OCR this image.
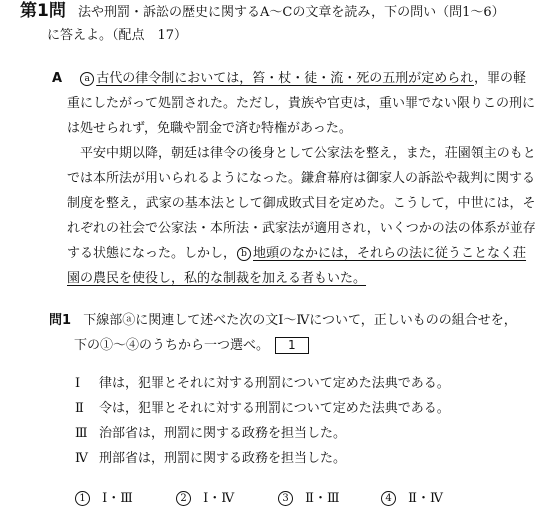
第1問 法や刑罰・訴訟の歴史に関するA～Cの文章を読み，下の問い（問1～6）
に答えよ。（配点　17）
A a 古代の律令制においては，笞・杖・徒・流・死の五刑が定められ，罪の軽
重にしたがって処罰された。ただし，貴族や官吏は，重い罪でない限りこの刑に
は処せられず，免職や罰金で済む特権があった。
平安中期以降，朝廷は律令の後身として公家法を整え，また，荘園領主のもと
では本所法が用いられるようになった。鎌倉幕府は御家人の訴訟や裁判に関する
制度を整え，武家の基本法として御成敗式目を定めた。こうして，中世には，そ
れぞれの社会で公家法・本所法・武家法が適用され，いくつかの法の体系が並存
する状態になった。しかし， b 地頭のなかには，それらの法に従うことなく荘
園の農民を使役し，私的な制裁を加える者もいた。
問1 下線部ⓐに関連して述べた次の文Ⅰ～Ⅳについて，正しいものの組合せを，
下の①～④のうちから一つ選べ。 1
Ⅰ 律は，犯罪とそれに対する刑罰について定めた法典である。
Ⅱ 令は，犯罪とそれに対する刑罰について定めた法典である。
Ⅲ 治部省は，刑罰に関する政務を担当した。
Ⅳ 刑部省は，刑罰に関する政務を担当した。
1 Ⅰ・Ⅲ	2 Ⅰ・Ⅳ	3 Ⅱ・Ⅲ	4 Ⅱ・Ⅳ
